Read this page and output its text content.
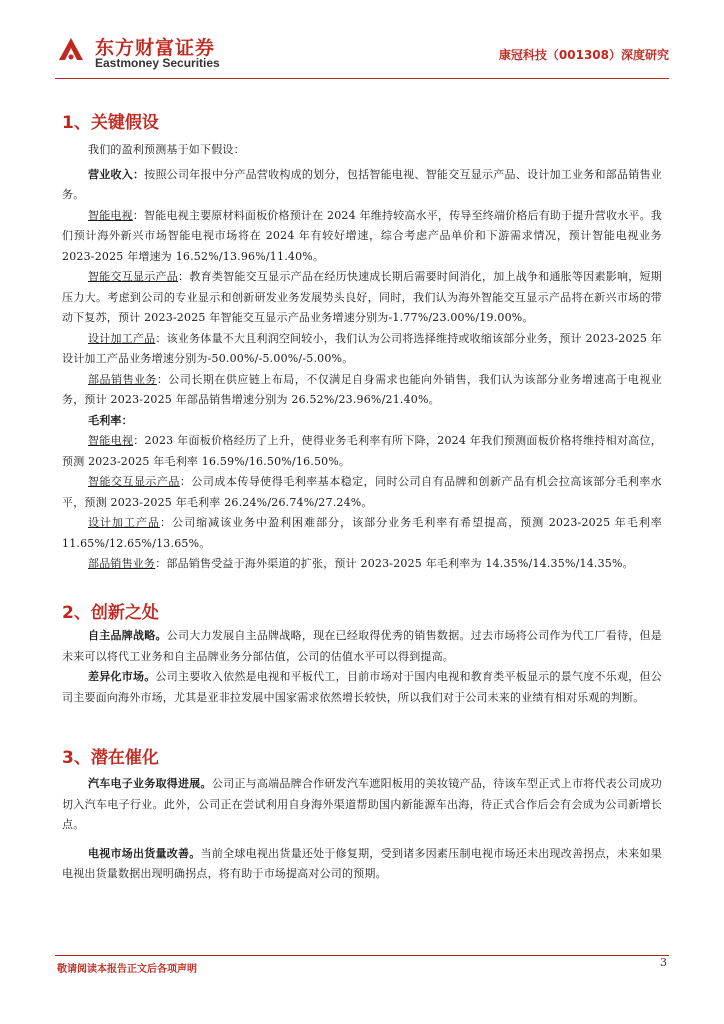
东方财富证券
Eastmoney Securities
康冠科技（001308）深度研究
1、关键假设

我们的盈利预测基于如下假设：

营业收入：按照公司年报中分产品营收构成的划分，包括智能电视、智能交互显示产品、设计加工业务和部品销售业务。

智能电视：智能电视主要原材料面板价格预计在 2024 年维持较高水平，传导至终端价格后有助于提升营收水平。我们预计海外新兴市场智能电视市场将在 2024 年有较好增速，综合考虑产品单价和下游需求情况，预计智能电视业务 2023-2025 年增速为 16.52%/13.96%/11.40%。

智能交互显示产品：教育类智能交互显示产品在经历快速成长期后需要时间消化，加上战争和通胀等因素影响，短期压力大。考虑到公司的专业显示和创新研发业务发展势头良好，同时，我们认为海外智能交互显示产品将在新兴市场的带动下复苏，预计 2023-2025 年智能交互显示产品业务增速分别为-1.77%/23.00%/19.00%。

设计加工产品：该业务体量不大且利润空间较小，我们认为公司将选择维持或收缩该部分业务，预计 2023-2025 年设计加工产品业务增速分别为-50.00%/-5.00%/-5.00%。

部品销售业务：公司长期在供应链上布局，不仅满足自身需求也能向外销售，我们认为该部分业务增速高于电视业务，预计 2023-2025 年部品销售增速分别为 26.52%/23.96%/21.40%。

毛利率：

智能电视：2023 年面板价格经历了上升，使得业务毛利率有所下降，2024 年我们预测面板价格将维持相对高位，预测 2023-2025 年毛利率 16.59%/16.50%/16.50%。

智能交互显示产品：公司成本传导使得毛利率基本稳定，同时公司自有品牌和创新产品有机会拉高该部分毛利率水平，预测 2023-2025 年毛利率 26.24%/26.74%/27.24%。

设计加工产品：公司缩减该业务中盈利困难部分，该部分业务毛利率有希望提高，预测 2023-2025 年毛利率 11.65%/12.65%/13.65%。

部品销售业务：部品销售受益于海外渠道的扩张，预计 2023-2025 年毛利率为 14.35%/14.35%/14.35%。

2、创新之处

自主品牌战略。公司大力发展自主品牌战略，现在已经取得优秀的销售数据。过去市场将公司作为代工厂看待，但是未来可以将代工业务和自主品牌业务分部估值，公司的估值水平可以得到提高。

差异化市场。公司主要收入依然是电视和平板代工，目前市场对于国内电视和教育类平板显示的景气度不乐观，但公司主要面向海外市场，尤其是亚非拉发展中国家需求依然增长较快，所以我们对于公司未来的业绩有相对乐观的判断。

3、潜在催化

汽车电子业务取得进展。公司正与高端品牌合作研发汽车遮阳板用的美妆镜产品，待该车型正式上市将代表公司成功切入汽车电子行业。此外，公司正在尝试利用自身海外渠道帮助国内新能源车出海，待正式合作后会有会成为公司新增长点。

电视市场出货量改善。当前全球电视出货量还处于修复期，受到诸多因素压制电视市场还未出现改善拐点，未来如果电视出货量数据出现明确拐点，将有助于市场提高对公司的预期。

敬请阅读本报告正文后各项声明
3
